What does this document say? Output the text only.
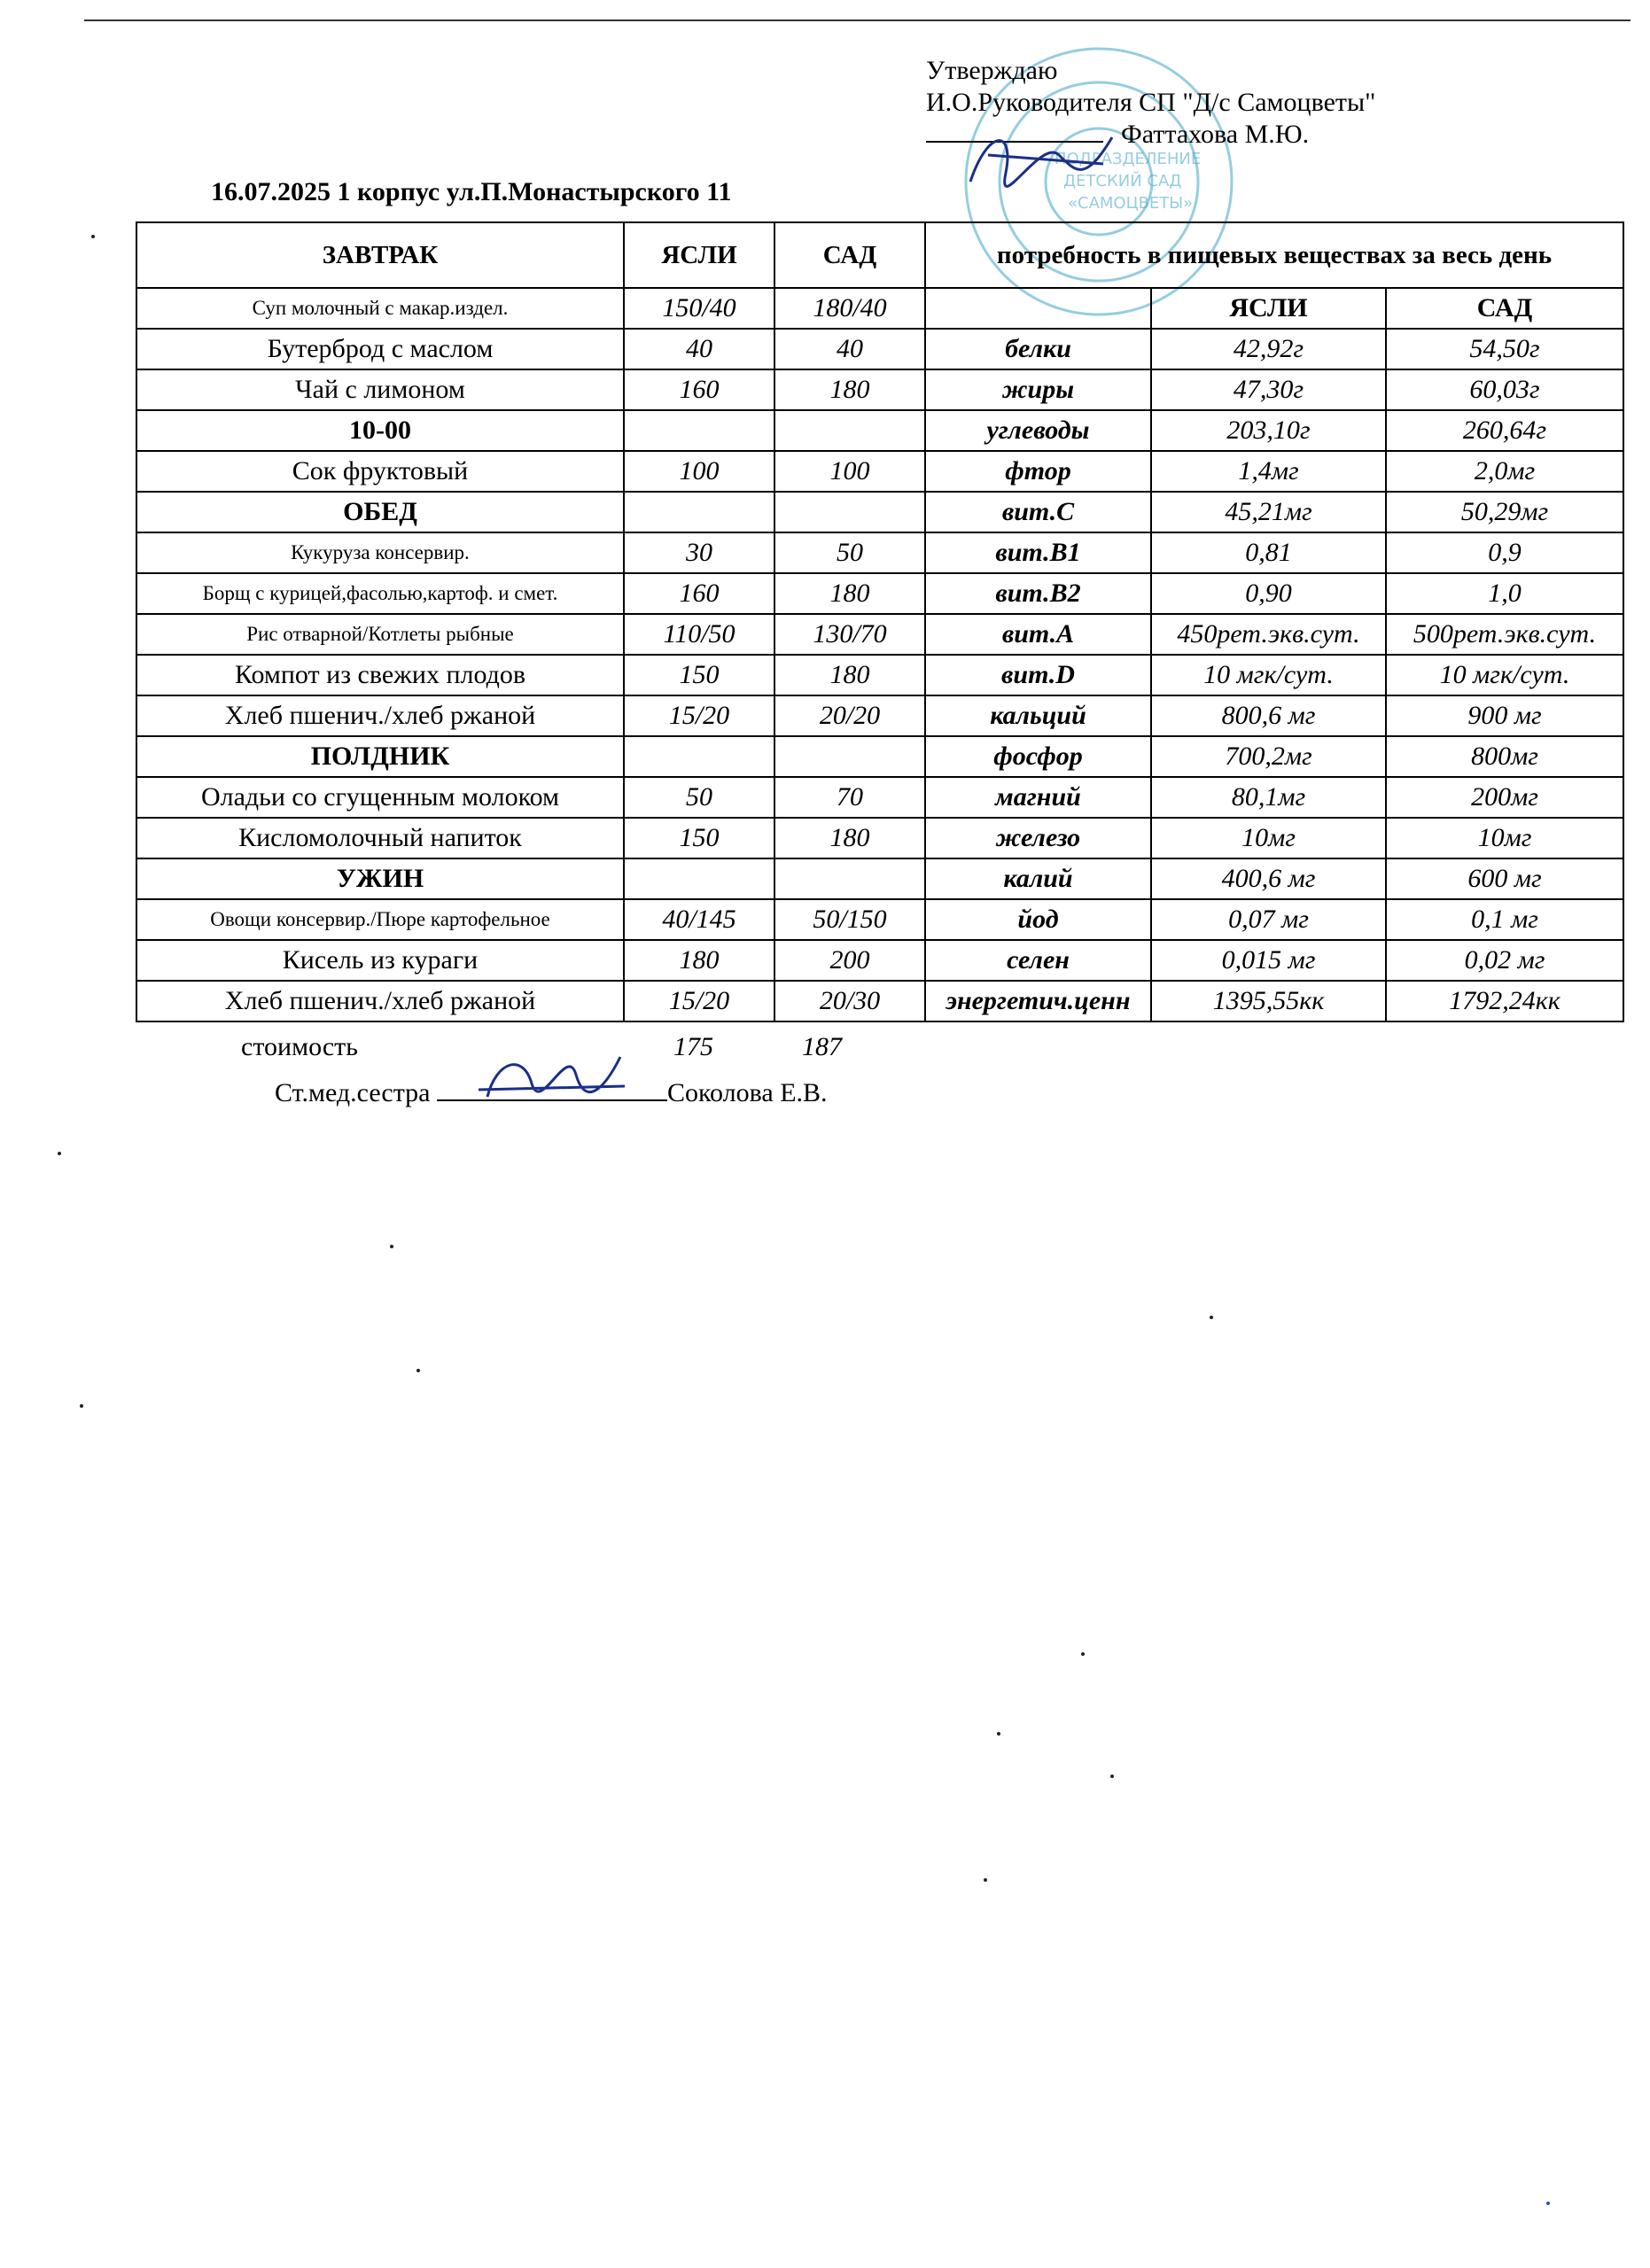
ПОДРАЗДЕЛЕНИЕ
ДЕТСКИЙ САД
«САМОЦВЕТЫ»
Утверждаю
И.О.Руководителя СП "Д/с Самоцветы"
Фаттахова М.Ю.
16.07.2025 1 корпус ул.П.Монастырского 11
ЗАВТРАК	ЯСЛИ	САД	потребность в пищевых веществах за весь день		
Суп молочный с макар.издел.	150/40	180/40		ЯСЛИ	САД
Бутерброд с маслом	40	40	белки	42,92г	54,50г
Чай с лимоном	160	180	жиры	47,30г	60,03г
10-00			углеводы	203,10г	260,64г
Сок фруктовый	100	100	фтор	1,4мг	2,0мг
ОБЕД			вит.С	45,21мг	50,29мг
Кукуруза консервир.	30	50	вит.В1	0,81	0,9
Борщ с курицей,фасолью,картоф. и смет.	160	180	вит.В2	0,90	1,0
Рис отварной/Котлеты рыбные	110/50	130/70	вит.А	450рет.экв.сут.	500рет.экв.сут.
Компот из свежих плодов	150	180	вит.D	10 мгк/сут.	10 мгк/сут.
Хлеб пшенич./хлеб ржаной	15/20	20/20	кальций	800,6 мг	900 мг
ПОЛДНИК			фосфор	700,2мг	800мг
Оладьи со сгущенным молоком	50	70	магний	80,1мг	200мг
Кисломолочный напиток	150	180	железо	10мг	10мг
УЖИН			калий	400,6 мг	600 мг
Овощи консервир./Пюре картофельное	40/145	50/150	йод	0,07 мг	0,1 мг
Кисель из кураги	180	200	селен	0,015 мг	0,02 мг
Хлеб пшенич./хлеб ржаной	15/20	20/30	энергетич.ценн	1395,55кк	1792,24кк
стоимость	175	187
Ст.мед.сестра	Соколова Е.В.
